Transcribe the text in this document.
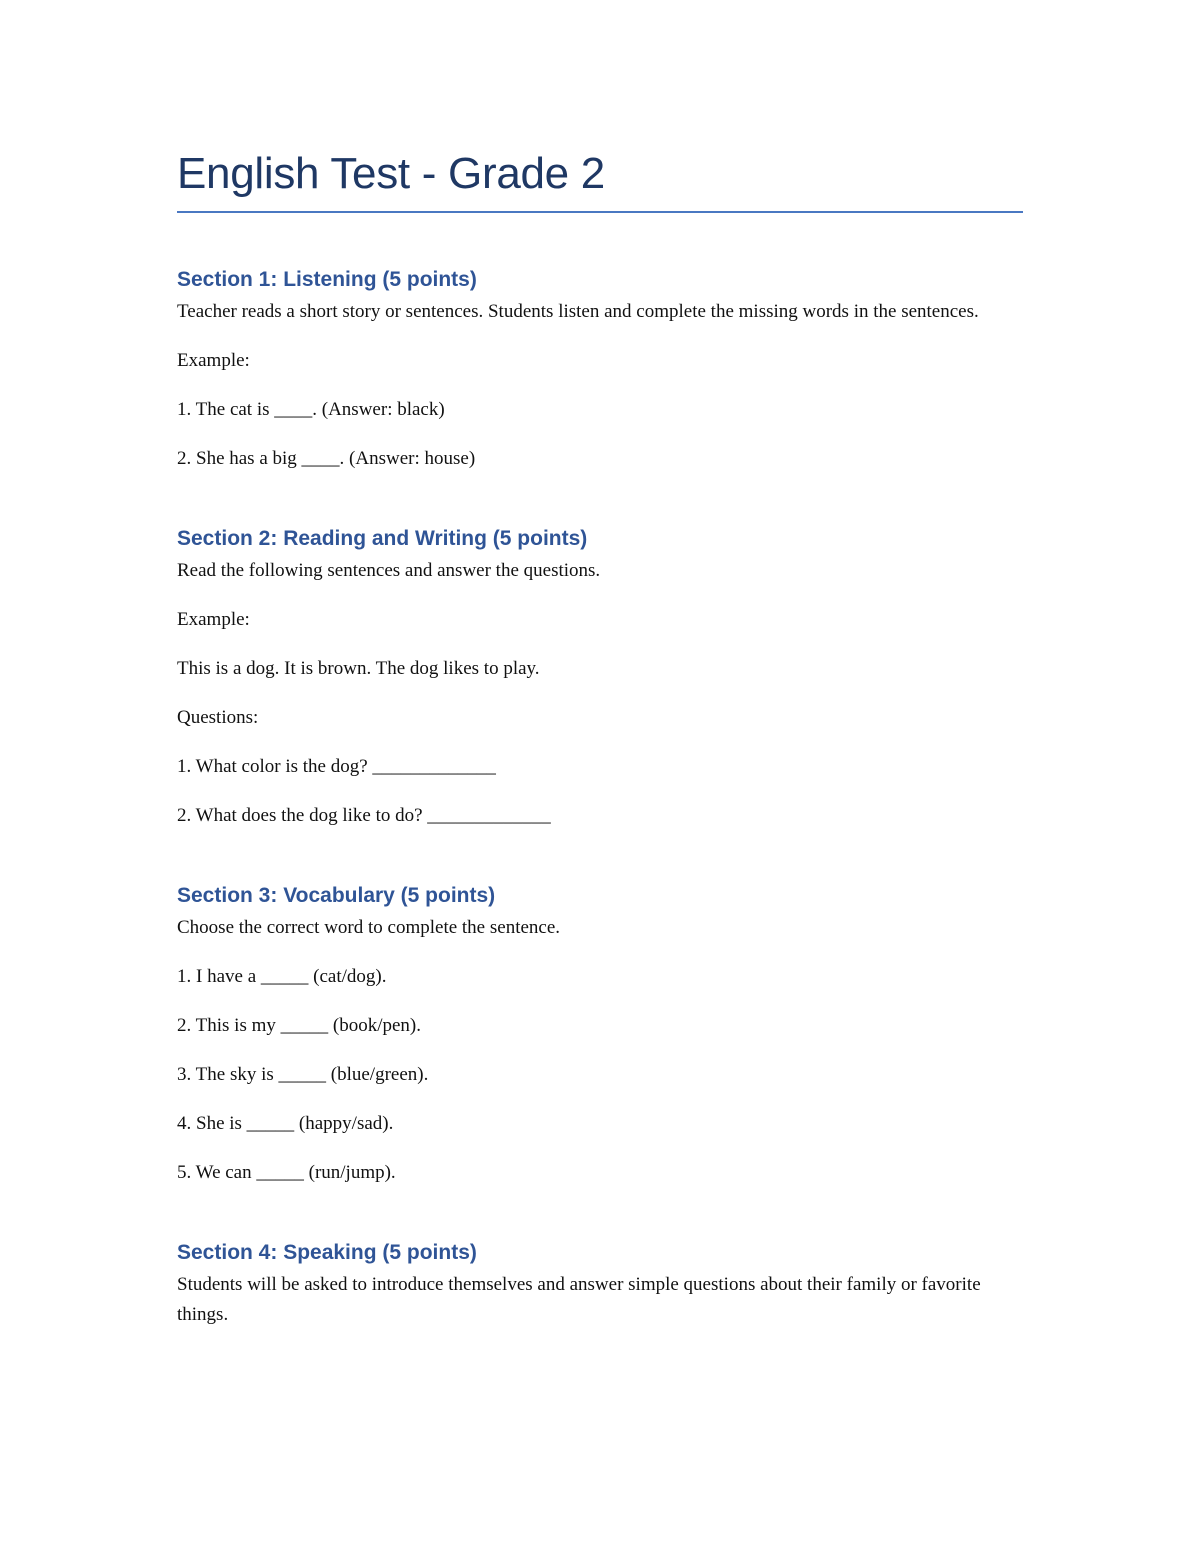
English Test - Grade 2
Section 1: Listening (5 points)

Teacher reads a short story or sentences. Students listen and complete the missing words in the sentences.

Example:

1. The cat is ____. (Answer: black)

2. She has a big ____. (Answer: house)

Section 2: Reading and Writing (5 points)

Read the following sentences and answer the questions.

Example:

This is a dog. It is brown. The dog likes to play.

Questions:

1. What color is the dog? _____________

2. What does the dog like to do? _____________

Section 3: Vocabulary (5 points)

Choose the correct word to complete the sentence.

1. I have a _____ (cat/dog).

2. This is my _____ (book/pen).

3. The sky is _____ (blue/green).

4. She is _____ (happy/sad).

5. We can _____ (run/jump).

Section 4: Speaking (5 points)

Students will be asked to introduce themselves and answer simple questions about their family or favorite things.
